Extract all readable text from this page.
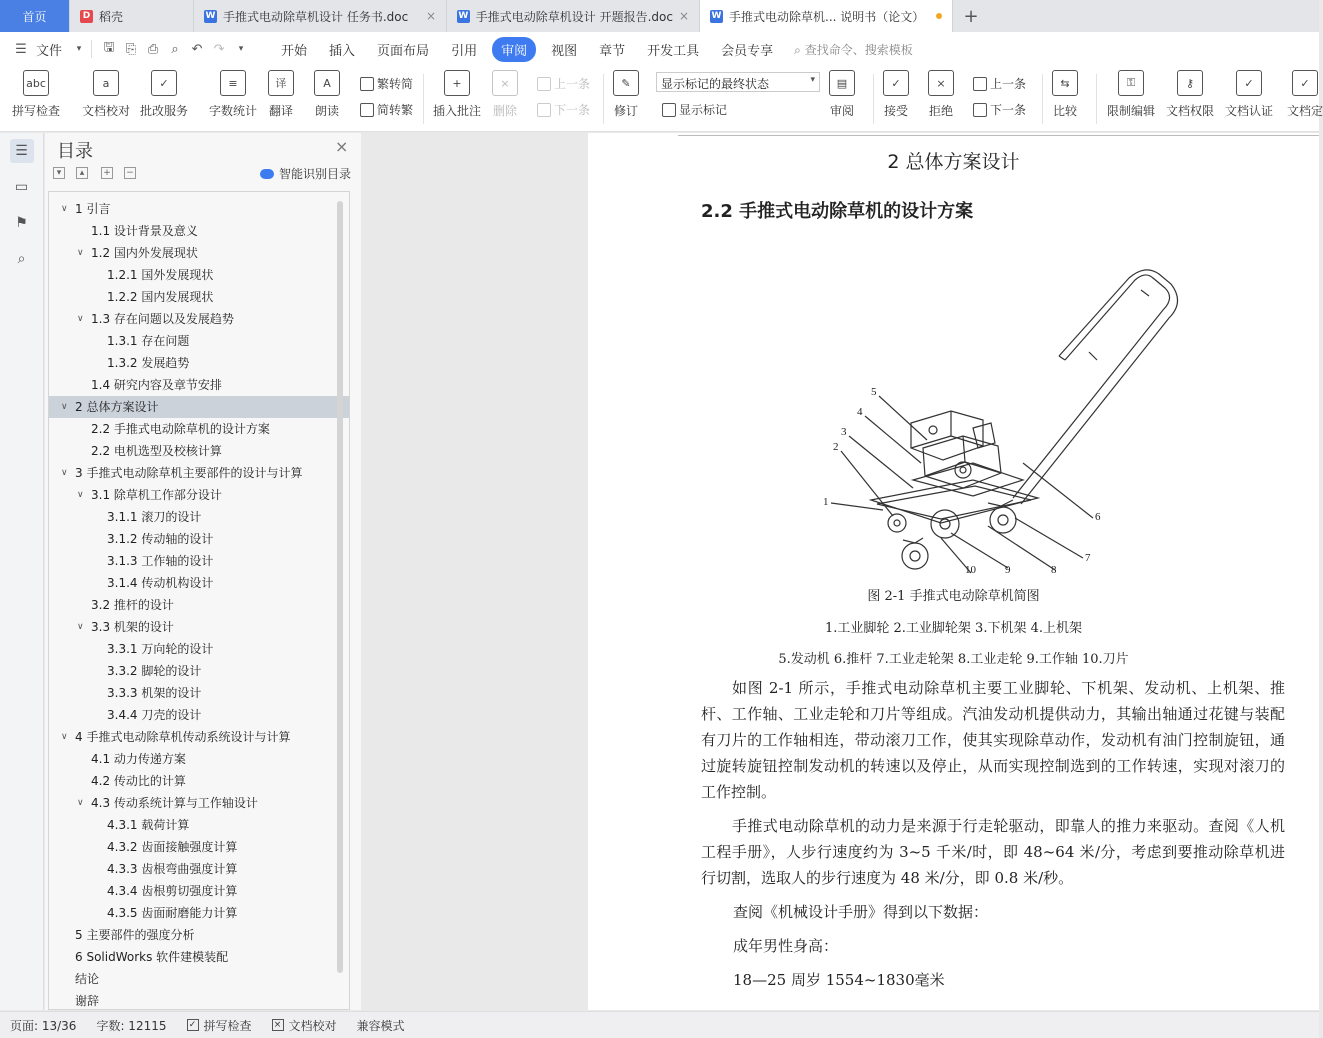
首页	D 稻壳	W 手推式电动除草机设计 任务书.doc	× W 手推式电动除草机设计 开题报告.doc ×	W 手推式电动除草机... 说明书（论文）	+
☰ 文件	▾	🖫 ⎘ ⎙	⌕ ↶ ↷	▾	开始	插入	页面布局	引用	审阅	视图	章节	开发工具	会员专享	⌕ 查找命令、搜索模板
abc
拼写检查
a
文档校对
✓
批改服务
≡
字数统计
译
翻译
A
朗读
繁转简
简转繁
+
插入批注
×
删除
上一条
下一条
✎
修订
显示标记的最终状态	▾
显示标记
▤
审阅
✓
接受
×
拒绝
上一条
下一条
⇆
比较
⚿
限制编辑
⚷
文档权限
✓
文档认证
✓
文档定
☰
▭
⚑
⌕
目录	×
▾	▴	+ −	智能识别目录
∨ 1 引言
1.1 设计背景及意义
∨ 1.2 国内外发展现状
1.2.1 国外发展现状
1.2.2 国内发展现状
∨ 1.3 存在问题以及发展趋势
1.3.1 存在问题
1.3.2 发展趋势
1.4 研究内容及章节安排
∨ 2 总体方案设计
2.2 手推式电动除草机的设计方案
2.2 电机选型及校核计算
∨ 3 手推式电动除草机主要部件的设计与计算
∨ 3.1 除草机工作部分设计
3.1.1 滚刀的设计
3.1.2 传动轴的设计
3.1.3 工作轴的设计
3.1.4 传动机构设计
3.2 推杆的设计
∨ 3.3 机架的设计
3.3.1 万向轮的设计
3.3.2 脚轮的设计
3.3.3 机架的设计
3.4.4 刀壳的设计
∨ 4 手推式电动除草机传动系统设计与计算
4.1 动力传递方案
4.2 传动比的计算
∨ 4.3 传动系统计算与工作轴设计
4.3.1 载荷计算
4.3.2 齿面接触强度计算
4.3.3 齿根弯曲强度计算
4.3.4 齿根剪切强度计算
4.3.5 齿面耐磨能力计算
5 主要部件的强度分析
6 SolidWorks 软件建模装配
结论
谢辞
2 总体方案设计
2.2 手推式电动除草机的设计方案
1
2
3
4
5
6
7
8
9
10
图 2-1 手推式电动除草机简图
1.工业脚轮 2.工业脚轮架 3.下机架 4.上机架
5.发动机 6.推杆 7.工业走轮架 8.工业走轮 9.工作轴 10.刀片
如图 2-1 所示，手推式电动除草机主要工业脚轮、下机架、发动机、上机架、推杆、工作轴、工业走轮和刀片等组成。汽油发动机提供动力，其输出轴通过花键与装配有刀片的工作轴相连，带动滚刀工作，使其实现除草动作，发动机有油门控制旋钮，通过旋转旋钮控制发动机的转速以及停止，从而实现控制选到的工作转速，实现对滚刀的工作控制。
手推式电动除草机的动力是来源于行走轮驱动，即靠人的推力来驱动。查阅《人机工程手册》，人步行速度约为 3~5 千米/时，即 48~64 米/分，考虑到要推动除草机进行切割，选取人的步行速度为 48 米/分，即 0.8 米/秒。
查阅《机械设计手册》得到以下数据：
成年男性身高：
18—25 周岁 1554~1830毫米
页面: 13/36 字数: 12115 ✓ 拼写检查 × 文档校对 兼容模式
